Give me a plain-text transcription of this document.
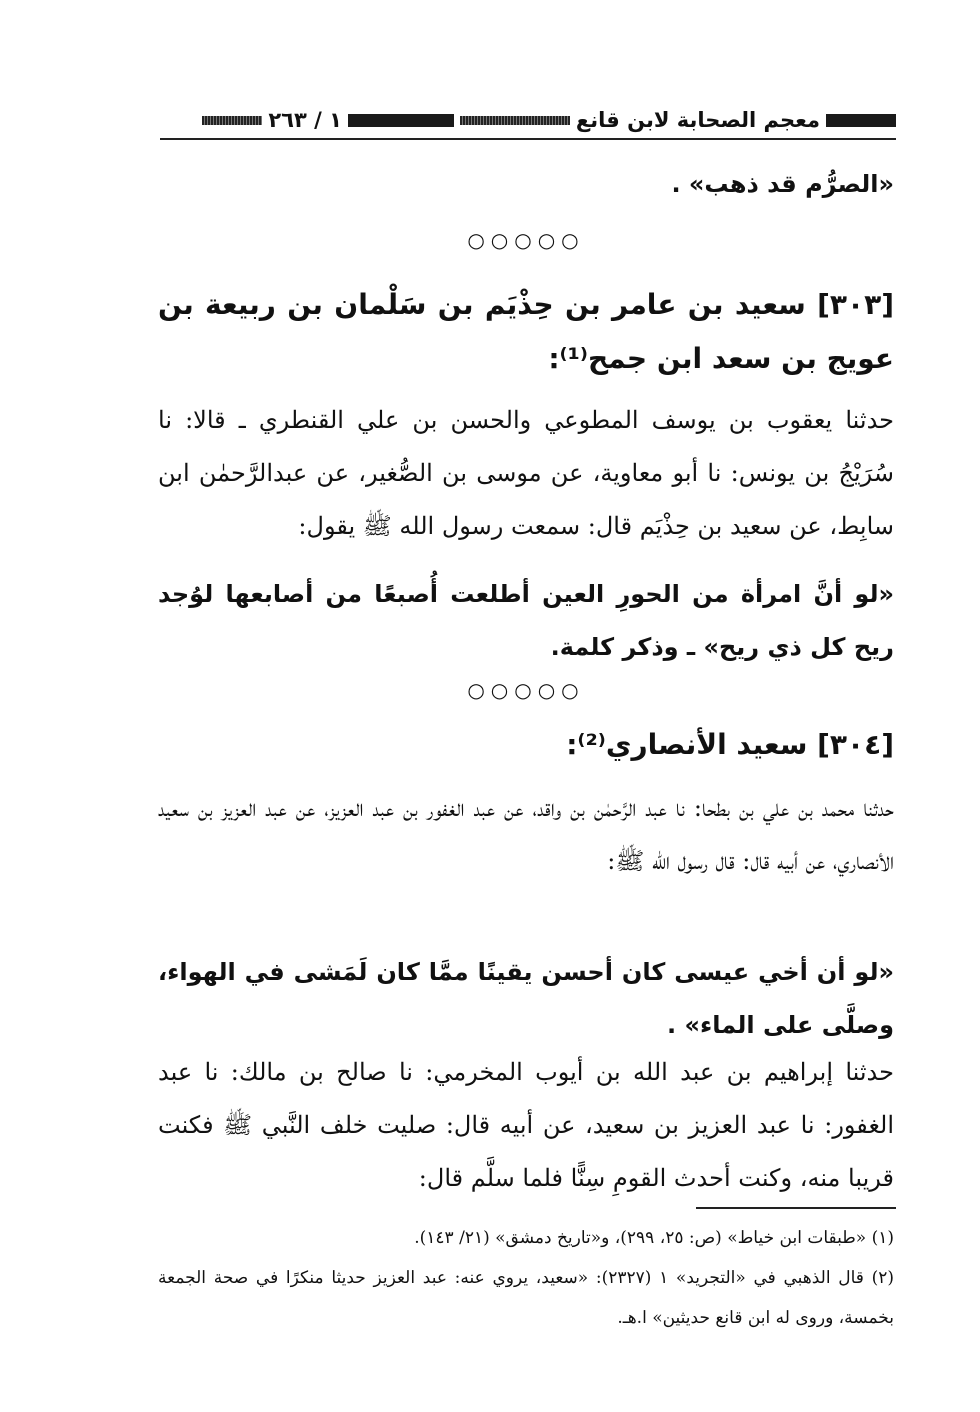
معجم الصحابة لابن قانع
١ / ٢٦٣
«الصرُّم قد ذهب» .
○○○○○
[٣٠٣] سعيد بن عامر بن حِذْيَم بن سَلْمان بن ربيعة بن عويج بن سعد ابن جمح⁽¹⁾:
حدثنا يعقوب بن يوسف المطوعي والحسن بن علي القنطري ـ قالا: نا سُرَيْجُ بن يونس: نا أبو معاوية، عن موسى بن الصُّغير، عن عبدالرَّحمٰن ابن سابِط، عن سعيد بن حِذْيَم قال: سمعت رسول الله ﷺ يقول:
«لو أنَّ امرأة من الحورِ العين أطلعت أُصبعًا من أصابعها لوُجد ريح كل ذي ريح» ـ وذكر كلمة.
○○○○○
[٣٠٤] سعيد الأنصاري⁽²⁾:
حدثنا محمد بن علي بن بطحا: نا عبد الرَّحمٰن بن واقد، عن عبد الغفور بن عبد العزيز، عن عبد العزيز بن سعيد الأنصاري، عن أبيه قال: قال رسول الله ﷺ:
«لو أن أخي عيسى كان أحسن يقينًا ممَّا كان لَمَشى في الهواء، وصلَّى على الماء» .
حدثنا إبراهيم بن عبد الله بن أيوب المخرمي: نا صالح بن مالك: نا عبد الغفور: نا عبد العزيز بن سعيد، عن أبيه قال: صليت خلف النَّبي ﷺ فكنت قريبا منه، وكنت أحدث القومِ سِنًّا فلما سلَّم قال:
(١) «طبقات ابن خياط» (ص: ٢٥، ٢٩٩)، و«تاريخ دمشق» (٢١/ ١٤٣).
(٢) قال الذهبي في «التجريد» ١ (٢٣٢٧): «سعيد، يروي عنه: عبد العزيز حديثا منكرًا في صحة الجمعة بخمسة، وروى له ابن قانع حديثين» ا.هـ.
